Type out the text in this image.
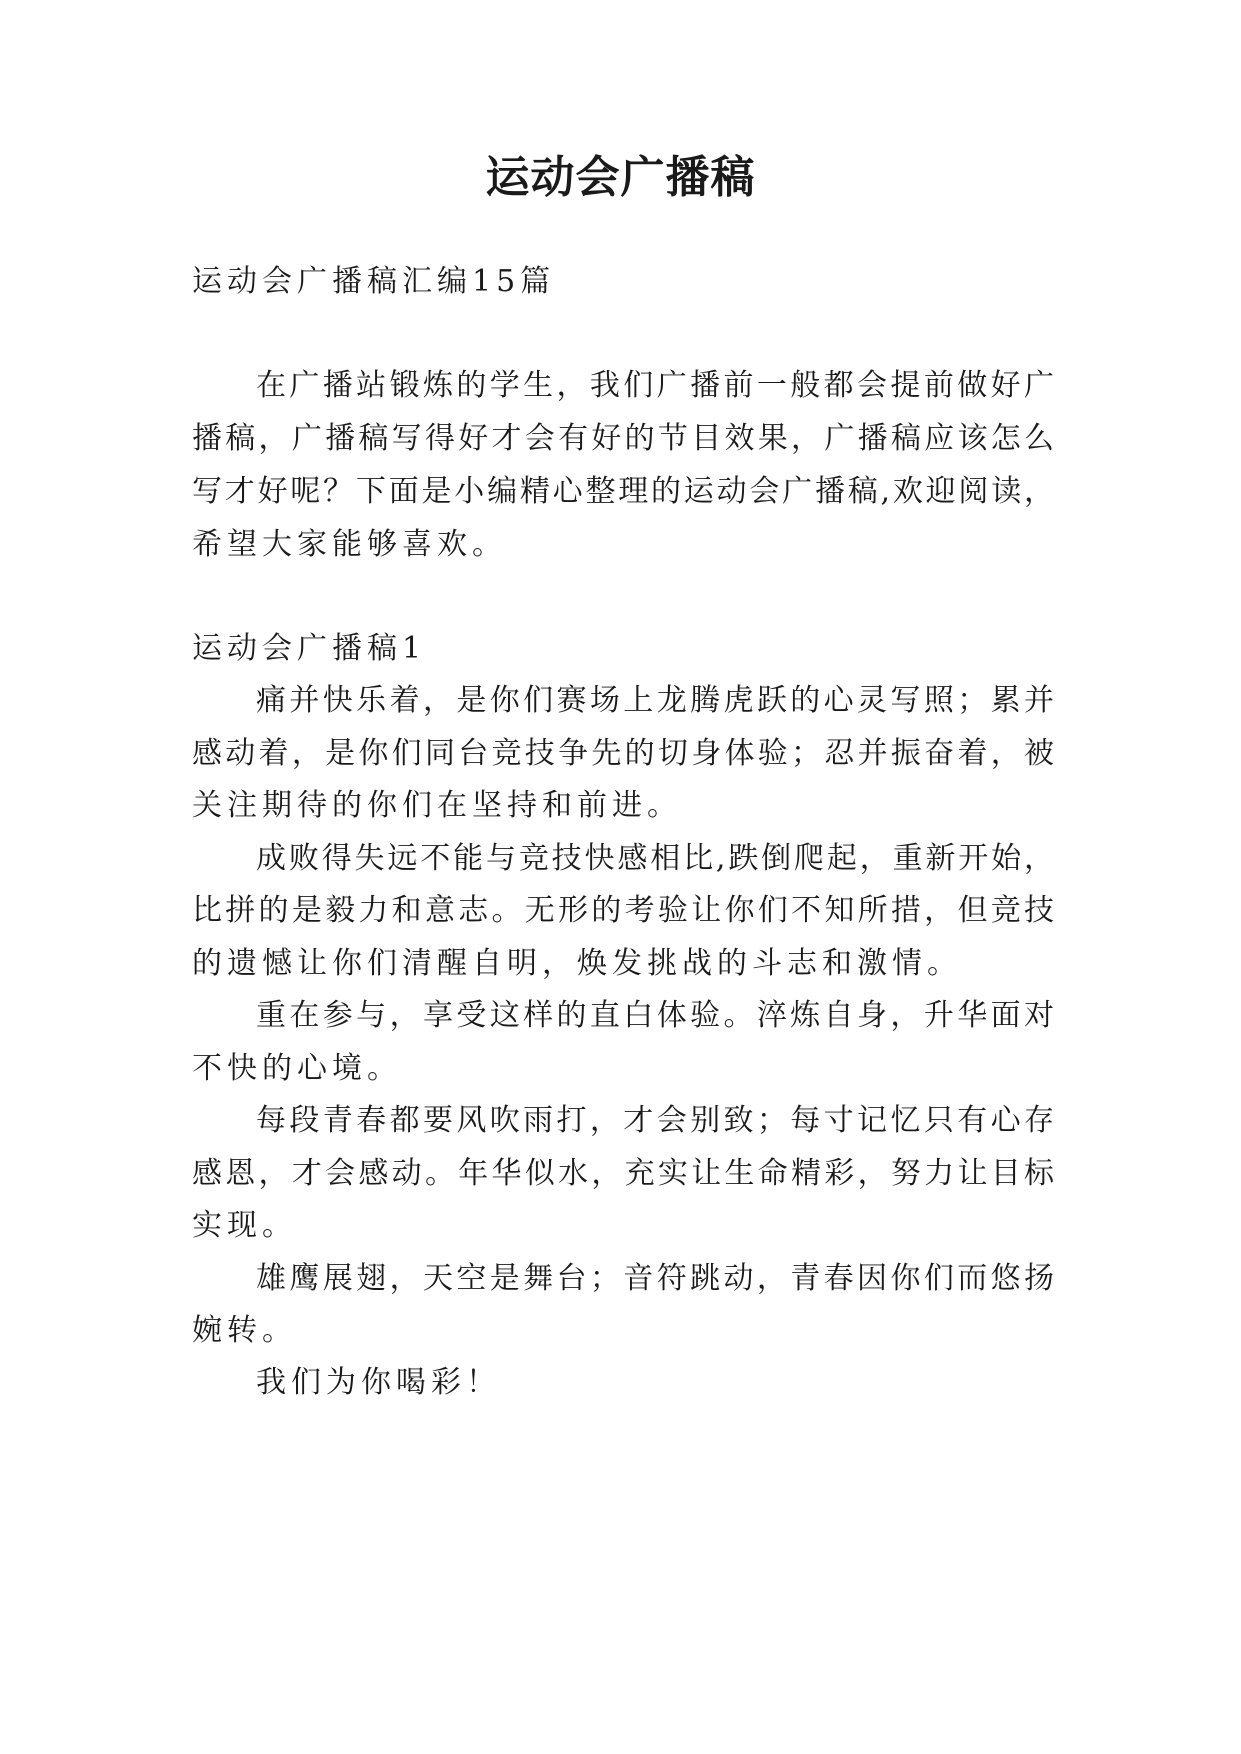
运动会广播稿
运动会广播稿汇编15篇
在广播站锻炼的学生，我们广播前一般都会提前做好广
播稿，广播稿写得好才会有好的节目效果，广播稿应该怎么
写才好呢？下面是小编精心整理的运动会广播稿,欢迎阅读，
希望大家能够喜欢。
运动会广播稿1
痛并快乐着，是你们赛场上龙腾虎跃的心灵写照；累并
感动着，是你们同台竞技争先的切身体验；忍并振奋着，被
关注期待的你们在坚持和前进。
成败得失远不能与竞技快感相比,跌倒爬起，重新开始，
比拼的是毅力和意志。无形的考验让你们不知所措，但竞技
的遗憾让你们清醒自明，焕发挑战的斗志和激情。
重在参与，享受这样的直白体验。淬炼自身，升华面对
不快的心境。
每段青春都要风吹雨打，才会别致；每寸记忆只有心存
感恩，才会感动。年华似水，充实让生命精彩，努力让目标
实现。
雄鹰展翅，天空是舞台；音符跳动，青春因你们而悠扬
婉转。
我们为你喝彩！
